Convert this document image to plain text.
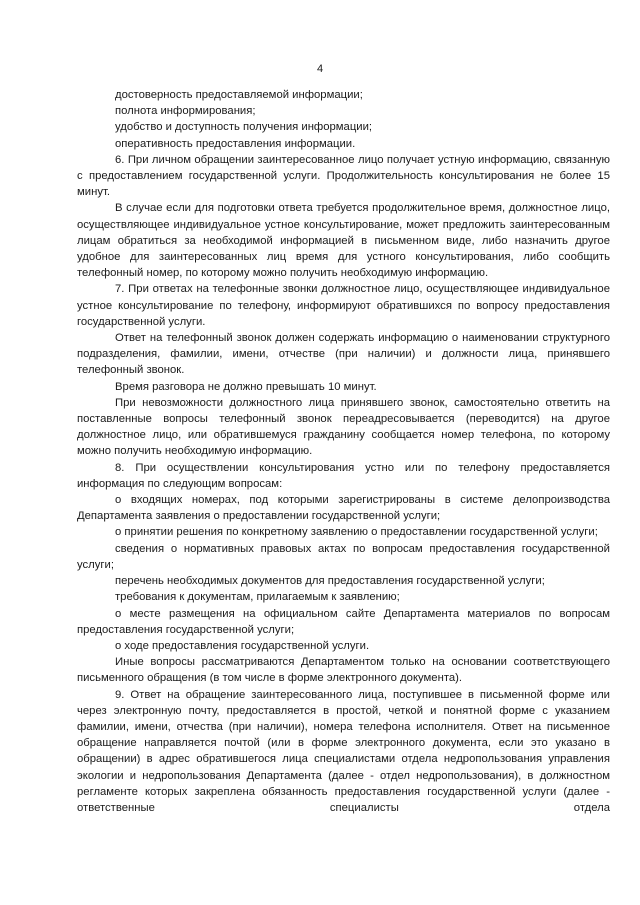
4

достоверность предоставляемой информации;

полнота информирования;

удобство и доступность получения информации;

оперативность предоставления информации.

6. При личном обращении заинтересованное лицо получает устную информацию, связанную с предоставлением государственной услуги. Продолжительность консультирования не более 15 минут.

В случае если для подготовки ответа требуется продолжительное время, должностное лицо, осуществляющее индивидуальное устное консультирование, может предложить заинтересованным лицам обратиться за необходимой информацией в письменном виде, либо назначить другое удобное для заинтересованных лиц время для устного консультирования, либо сообщить телефонный номер, по которому можно получить необходимую информацию.

7. При ответах на телефонные звонки должностное лицо, осуществляющее индивидуальное устное консультирование по телефону, информируют обратившихся по вопросу предоставления государственной услуги.

Ответ на телефонный звонок должен содержать информацию о наименовании структурного подразделения, фамилии, имени, отчестве (при наличии) и должности лица, принявшего телефонный звонок.

Время разговора не должно превышать 10 минут.

При невозможности должностного лица принявшего звонок, самостоятельно ответить на поставленные вопросы телефонный звонок переадресовывается (переводится) на другое должностное лицо, или обратившемуся гражданину сообщается номер телефона, по которому можно получить необходимую информацию.

8. При осуществлении консультирования устно или по телефону предоставляется информация по следующим вопросам:

о входящих номерах, под которыми зарегистрированы в системе делопроизводства Департамента заявления о предоставлении государственной услуги;

о принятии решения по конкретному заявлению о предоставлении государственной услуги;

сведения о нормативных правовых актах по вопросам предоставления государственной услуги;

перечень необходимых документов для предоставления государственной услуги;

требования к документам, прилагаемым к заявлению;

о месте размещения на официальном сайте Департамента материалов по вопросам предоставления государственной услуги;

о ходе предоставления государственной услуги.

Иные вопросы рассматриваются Департаментом только на основании соответствующего письменного обращения (в том числе в форме электронного документа).

9. Ответ на обращение заинтересованного лица, поступившее в письменной форме или через электронную почту, предоставляется в простой, четкой и понятной форме с указанием фамилии, имени, отчества (при наличии), номера телефона исполнителя. Ответ на письменное обращение направляется почтой (или в форме электронного документа, если это указано в обращении) в адрес обратившегося лица специалистами отдела недропользования управления экологии и недропользования Департамента (далее - отдел недропользования), в должностном регламенте которых закреплена обязанность предоставления государственной услуги (далее - ответственные специалисты отдела
